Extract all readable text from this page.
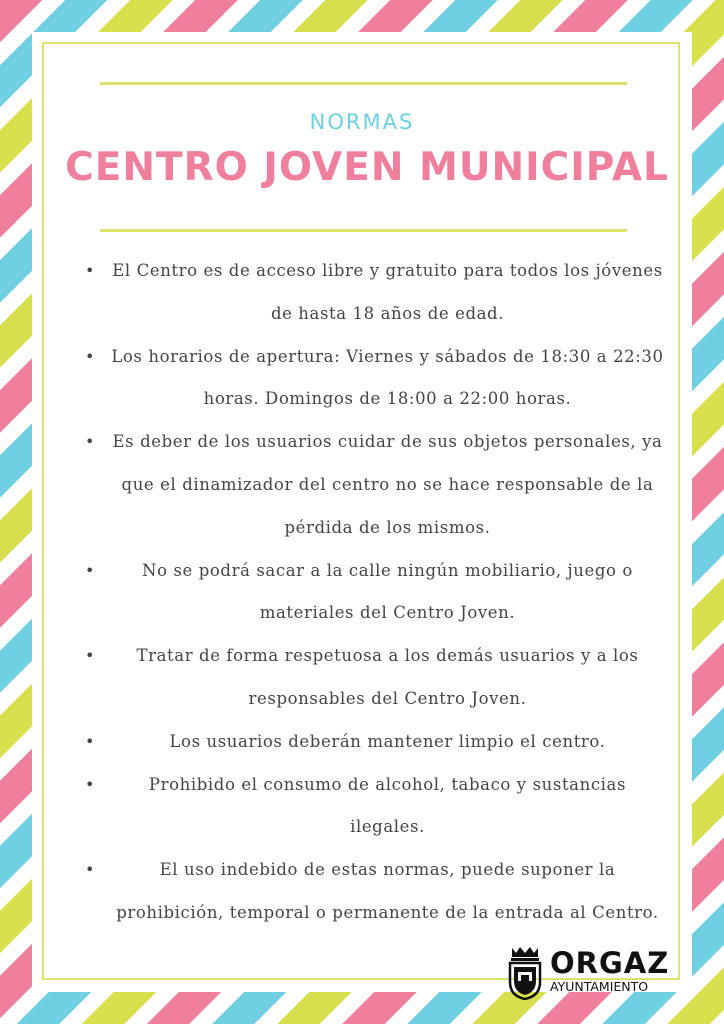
NORMAS
CENTRO JOVEN MUNICIPAL
• El Centro es de acceso libre y gratuito para todos los jóvenes de hasta 18 años de edad.
• Los horarios de apertura: Viernes y sábados de 18:30 a 22:30 horas. Domingos de 18:00 a 22:00 horas.
• Es deber de los usuarios cuidar de sus objetos personales, ya que el dinamizador del centro no se hace responsable de la pérdida de los mismos.
•	No se podrá sacar a la calle ningún mobiliario, juego o materiales del Centro Joven.
•	Tratar de forma respetuosa a los demás usuarios y a los responsables del Centro Joven.
•	Los usuarios deberán mantener limpio el centro.
•	Prohibido el consumo de alcohol, tabaco y sustancias ilegales.
•	El uso indebido de estas normas, puede suponer la prohibición, temporal o permanente de la entrada al Centro.
ORGAZ
AYUNTAMIENTO
